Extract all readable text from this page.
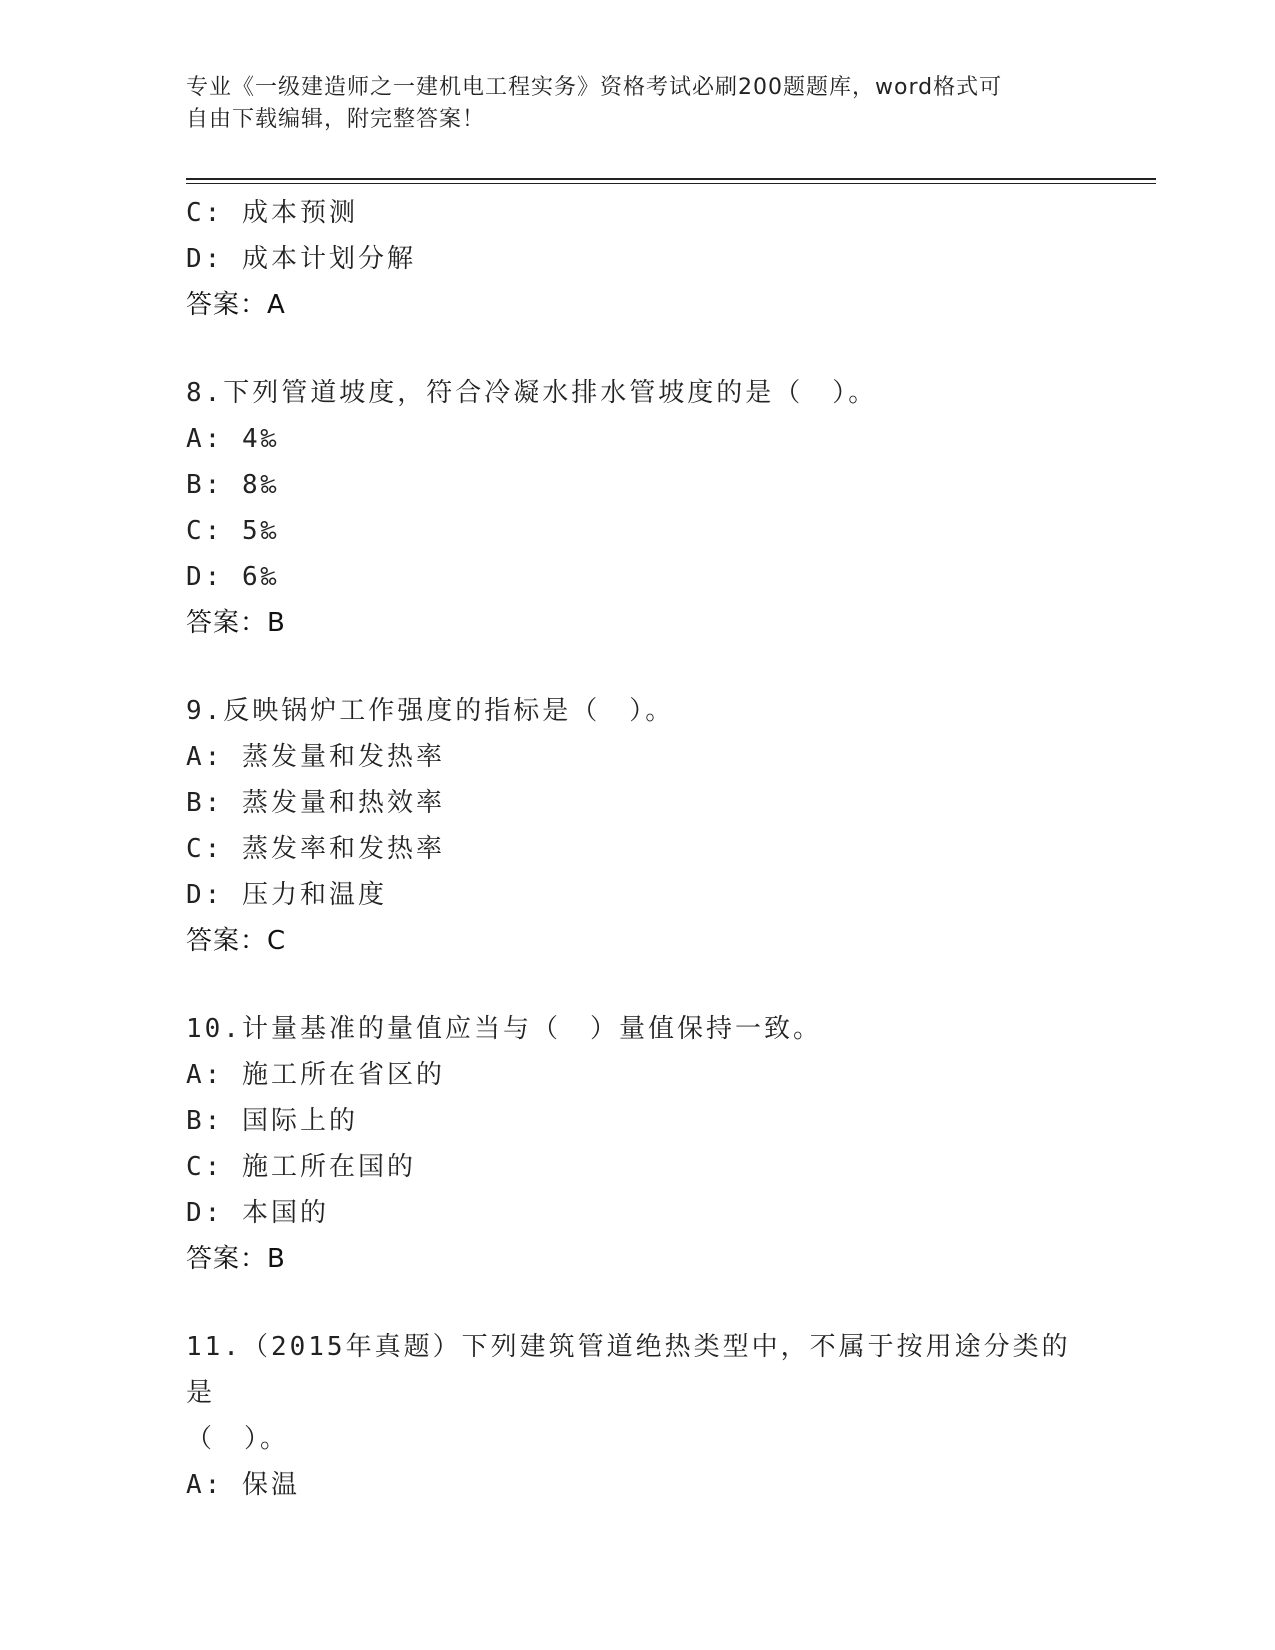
专业《一级建造师之一建机电工程实务》资格考试必刷200题题库，word格式可
自由下载编辑，附完整答案！
C: 成本预测
D: 成本计划分解
答案：A
8.下列管道坡度，符合冷凝水排水管坡度的是（　）。
A: 4‰
B: 8‰
C: 5‰
D: 6‰
答案：B
9.反映锅炉工作强度的指标是（　）。
A: 蒸发量和发热率
B: 蒸发量和热效率
C: 蒸发率和发热率
D: 压力和温度
答案：C
10.计量基准的量值应当与（　）量值保持一致。
A: 施工所在省区的
B: 国际上的
C: 施工所在国的
D: 本国的
答案：B
11.（2015年真题）下列建筑管道绝热类型中，不属于按用途分类的是
（　）。
A: 保温
